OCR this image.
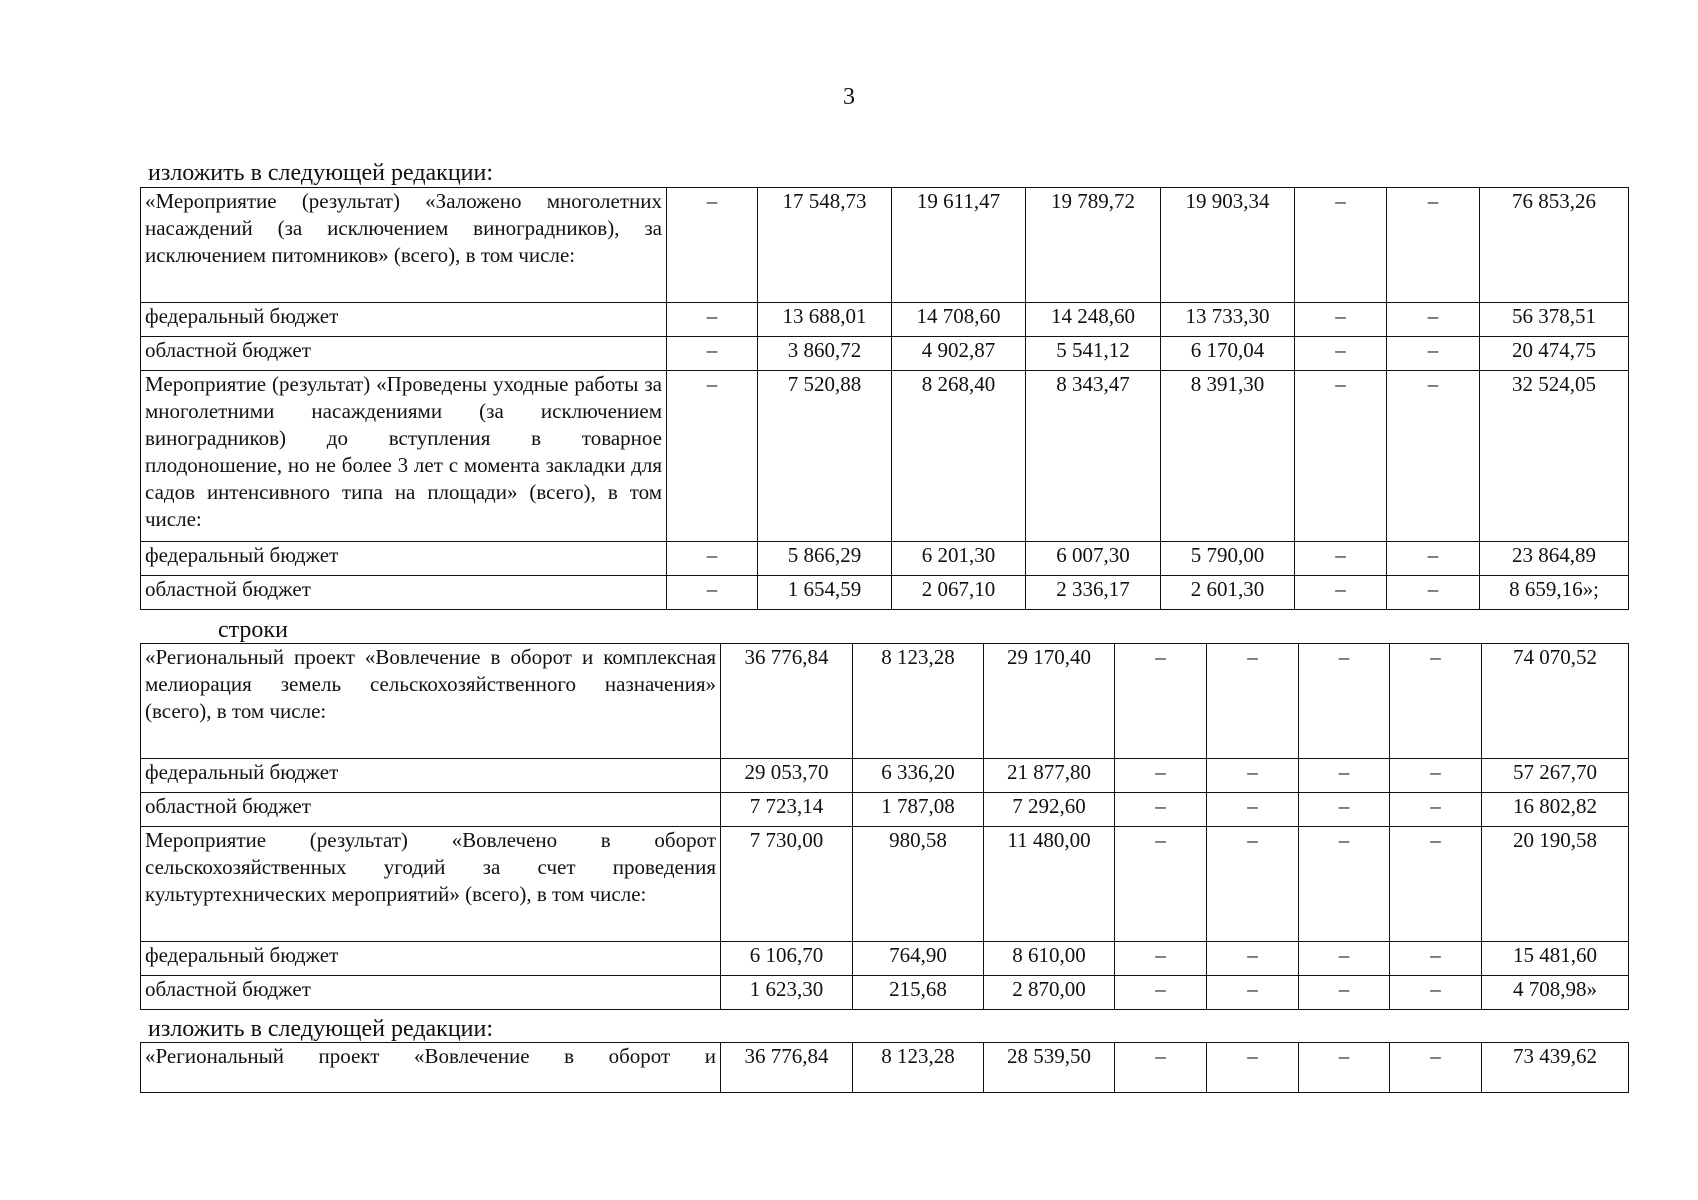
3
изложить в следующей редакции:
«Мероприятие (результат) «Заложено многолетних насаждений (за исключением виноградников), за исключением питомников» (всего), в том числе:	–	17 548,73	19 611,47	19 789,72	19 903,34	–	–	76 853,26
федеральный бюджет	–	13 688,01	14 708,60	14 248,60	13 733,30	–	–	56 378,51
областной бюджет	–	3 860,72	4 902,87	5 541,12	6 170,04	–	–	20 474,75
Мероприятие (результат) «Проведены уходные работы за многолетними насаждениями (за исключением виноградников) до вступления в товарное плодоношение, но не более 3 лет с момента закладки для садов интенсивного типа на площади» (всего), в том числе:	–	7 520,88	8 268,40	8 343,47	8 391,30	–	–	32 524,05
федеральный бюджет	–	5 866,29	6 201,30	6 007,30	5 790,00	–	–	23 864,89
областной бюджет	–	1 654,59	2 067,10	2 336,17	2 601,30	–	–	8 659,16»;
строки
«Региональный проект «Вовлечение в оборот и комплексная мелиорация земель сельскохозяйственного назначения» (всего), в том числе:	36 776,84	8 123,28	29 170,40	–	–	–	–	74 070,52
федеральный бюджет	29 053,70	6 336,20	21 877,80	–	–	–	–	57 267,70
областной бюджет	7 723,14	1 787,08	7 292,60	–	–	–	–	16 802,82
Мероприятие (результат) «Вовлечено в оборот сельскохозяйственных угодий за счет проведения культуртехнических мероприятий» (всего), в том числе:	7 730,00	980,58	11 480,00	–	–	–	–	20 190,58
федеральный бюджет	6 106,70	764,90	8 610,00	–	–	–	–	15 481,60
областной бюджет	1 623,30	215,68	2 870,00	–	–	–	–	4 708,98»
изложить в следующей редакции:
«Региональный проект «Вовлечение в оборот и	36 776,84	8 123,28	28 539,50	–	–	–	–	73 439,62
